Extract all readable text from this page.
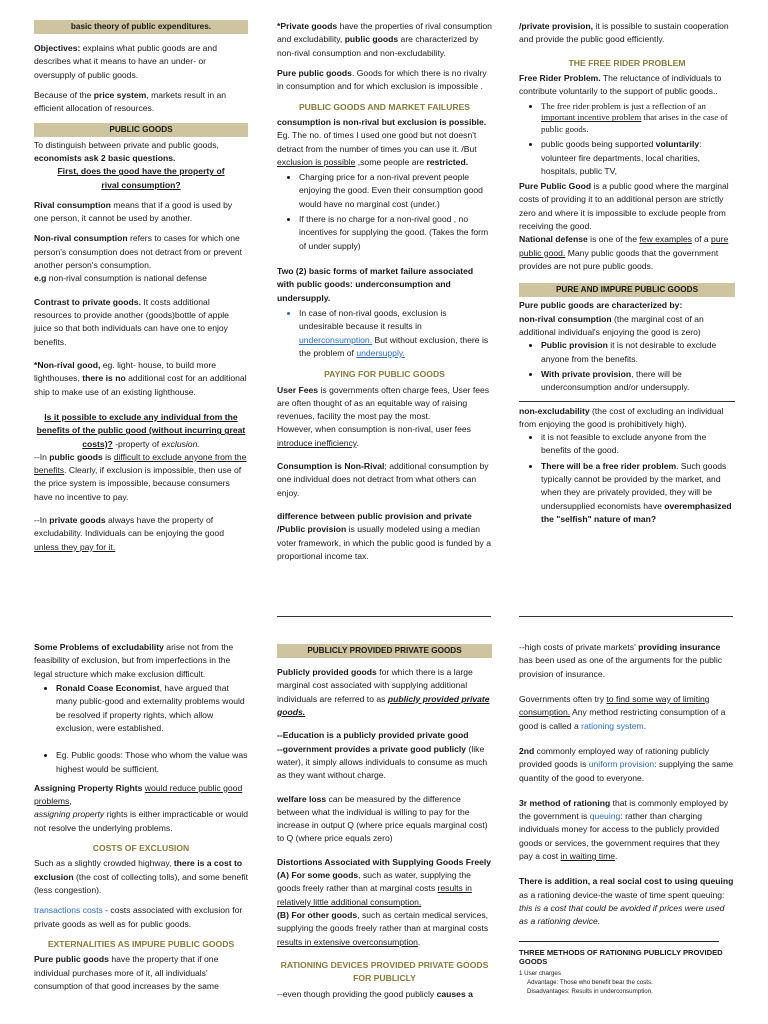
basic theory of public expenditures.

Objectives: explains what public goods are and describes what it means to have an under- or oversupply of public goods.

Because of the price system, markets result in an efficient allocation of resources.

PUBLIC GOODS

To distinguish between private and public goods, economists ask 2 basic questions.

First, does the good have the property of rival consumption?

Rival consumption means that if a good is used by one person, it cannot be used by another.

Non-rival consumption refers to cases for which one person's consumption does not detract from or prevent another person's consumption.

e.g non-rival consumption is national defense

Contrast to private goods. It costs additional resources to provide another (goods)bottle of apple juice so that both individuals can have one to enjoy benefits.

*Non-rival good, eg. light- house, to build more lighthouses, there is no additional cost for an additional ship to make use of an existing lighthouse.

Is it possible to exclude any individual from the benefits of the public good (without incurring great costs)? -property of exclusion.

--In public goods is difficult to exclude anyone from the benefits. Clearly, if exclusion is impossible, then use of the price system is impossible, because consumers have no incentive to pay.

--In private goods always have the property of excludability. Individuals can be enjoying the good unless they pay for it.

*Private goods have the properties of rival consumption and excludability, public goods are characterized by non-rival consumption and non-excludability.

Pure public goods. Goods for which there is no rivalry in consumption and for which exclusion is impossible .

PUBLIC GOODS AND MARKET FAILURES

consumption is non-rival but exclusion is possible. Eg. The no. of times I used one good but not doesn't detract from the number of times you can use it. /But exclusion is possible ,some people are restricted.

• Charging price for a non-rival prevent people enjoying the good. Even their consumption good would have no marginal cost (under.)
• If there is no charge for a non-rival good , no incentives for supplying the good. (Takes the form of under supply)

Two (2) basic forms of market failure associated with public goods: underconsumption and undersupply.

• In case of non-rival goods, exclusion is undesirable because it results in underconsumption. But without exclusion, there is the problem of undersupply.
PAYING FOR PUBLIC GOODS

User Fees is governments often charge fees, User fees are often thought of as an equitable way of raising revenues, facility the most pay the most.

However, when consumption is non-rival, user fees introduce inefficiency.

Consumption is Non-Rival; additional consumption by one individual does not detract from what others can enjoy.

difference between public provision and private /Public provision is usually modeled using a median voter framework, in which the public good is funded by a proportional income tax.

/private provision, it is possible to sustain cooperation and provide the public good efficiently.

THE FREE RIDER PROBLEM

Free Rider Problem. The reluctance of individuals to contribute voluntarily to the support of public goods..

• The free rider problem is just a reflection of an important incentive problem that arises in the case of public goods.
• public goods being supported voluntarily: volunteer fire departments, local charities, hospitals, public TV,

Pure Public Good is a public good where the marginal costs of providing it to an additional person are strictly zero and where it is impossible to exclude people from receiving the good.

National defense is one of the few examples of a pure public good. Many public goods that the government provides are not pure public goods.

PURE AND IMPURE PUBLIC GOODS

Pure public goods are characterized by:

non-rival consumption (the marginal cost of an additional individual's enjoying the good is zero)

• Public provision it is not desirable to exclude anyone from the benefits.
• With private provision, there will be underconsumption and/or undersupply.

non-excludability (the cost of excluding an individual from enjoying the good is prohibitively high).

• it is not feasible to exclude anyone from the benefits of the good.
• There will be a free rider problem. Such goods typically cannot be provided by the market, and when they are privately provided, they will be undersupplied economists have overemphasized the "selfish" nature of man?

Some Problems of excludability arise not from the feasibility of exclusion, but from imperfections in the legal structure which make exclusion difficult.

• Ronald Coase Economist, have argued that many public-good and externality problems would be resolved if property rights, which allow exclusion, were established.
• Eg. Public goods: Those who whom the value was highest would be sufficient.

Assigning Property Rights would reduce public good problems,

assigning property rights is either impracticable or would not resolve the underlying problems.

COSTS OF EXCLUSION

Such as a slightly crowded highway, there is a cost to exclusion (the cost of collecting tolls), and some benefit (less congestion).

transactions costs - costs associated with exclusion for private goods as well as for public goods.

EXTERNALITIES AS IMPURE PUBLIC GOODS

Pure public goods have the property that if one individual purchases more of it, all individuals' consumption of that good increases by the same

PUBLICLY PROVIDED PRIVATE GOODS

Publicly provided goods for which there is a large marginal cost associated with supplying additional individuals are referred to as publicly provided private goods.

--Education is a publicly provided private good

--government provides a private good publicly (like water), it simply allows individuals to consume as much as they want without charge.

welfare loss can be measured by the difference between what the individual is willing to pay for the increase in output Q (where price equals marginal cost) to Q (where price equals zero)

Distortions Associated with Supplying Goods Freely

(A) For some goods, such as water, supplying the goods freely rather than at marginal costs results in relatively little additional consumption.

(B) For other goods, such as certain medical services, supplying the goods freely rather than at marginal costs results in extensive overconsumption.

RATIONING DEVICES PROVIDED PRIVATE GOODS FOR PUBLICLY

--even though providing the good publicly causes a

--high costs of private markets' providing insurance has been used as one of the arguments for the public provision of insurance.

Governments often try to find some way of limiting consumption. Any method restricting consumption of a good is called a rationing system.

2nd commonly employed way of rationing publicly provided goods is uniform provision: supplying the same quantity of the good to everyone.

3r method of rationing that is commonly employed by the government is queuing: rather than charging individuals money for access to the publicly provided goods or services, the government requires that they pay a cost in waiting time.

There is addition, a real social cost to using queuing as a rationing device-the waste of time spent queuing: this is a cost that could be avoided if prices were used as a rationing device.

THREE METHODS OF RATIONING PUBLICLY PROVIDED GOODS
1 User charges
Advantage: Those who benefit bear the costs.
Disadvantages: Results in underconsumption.
